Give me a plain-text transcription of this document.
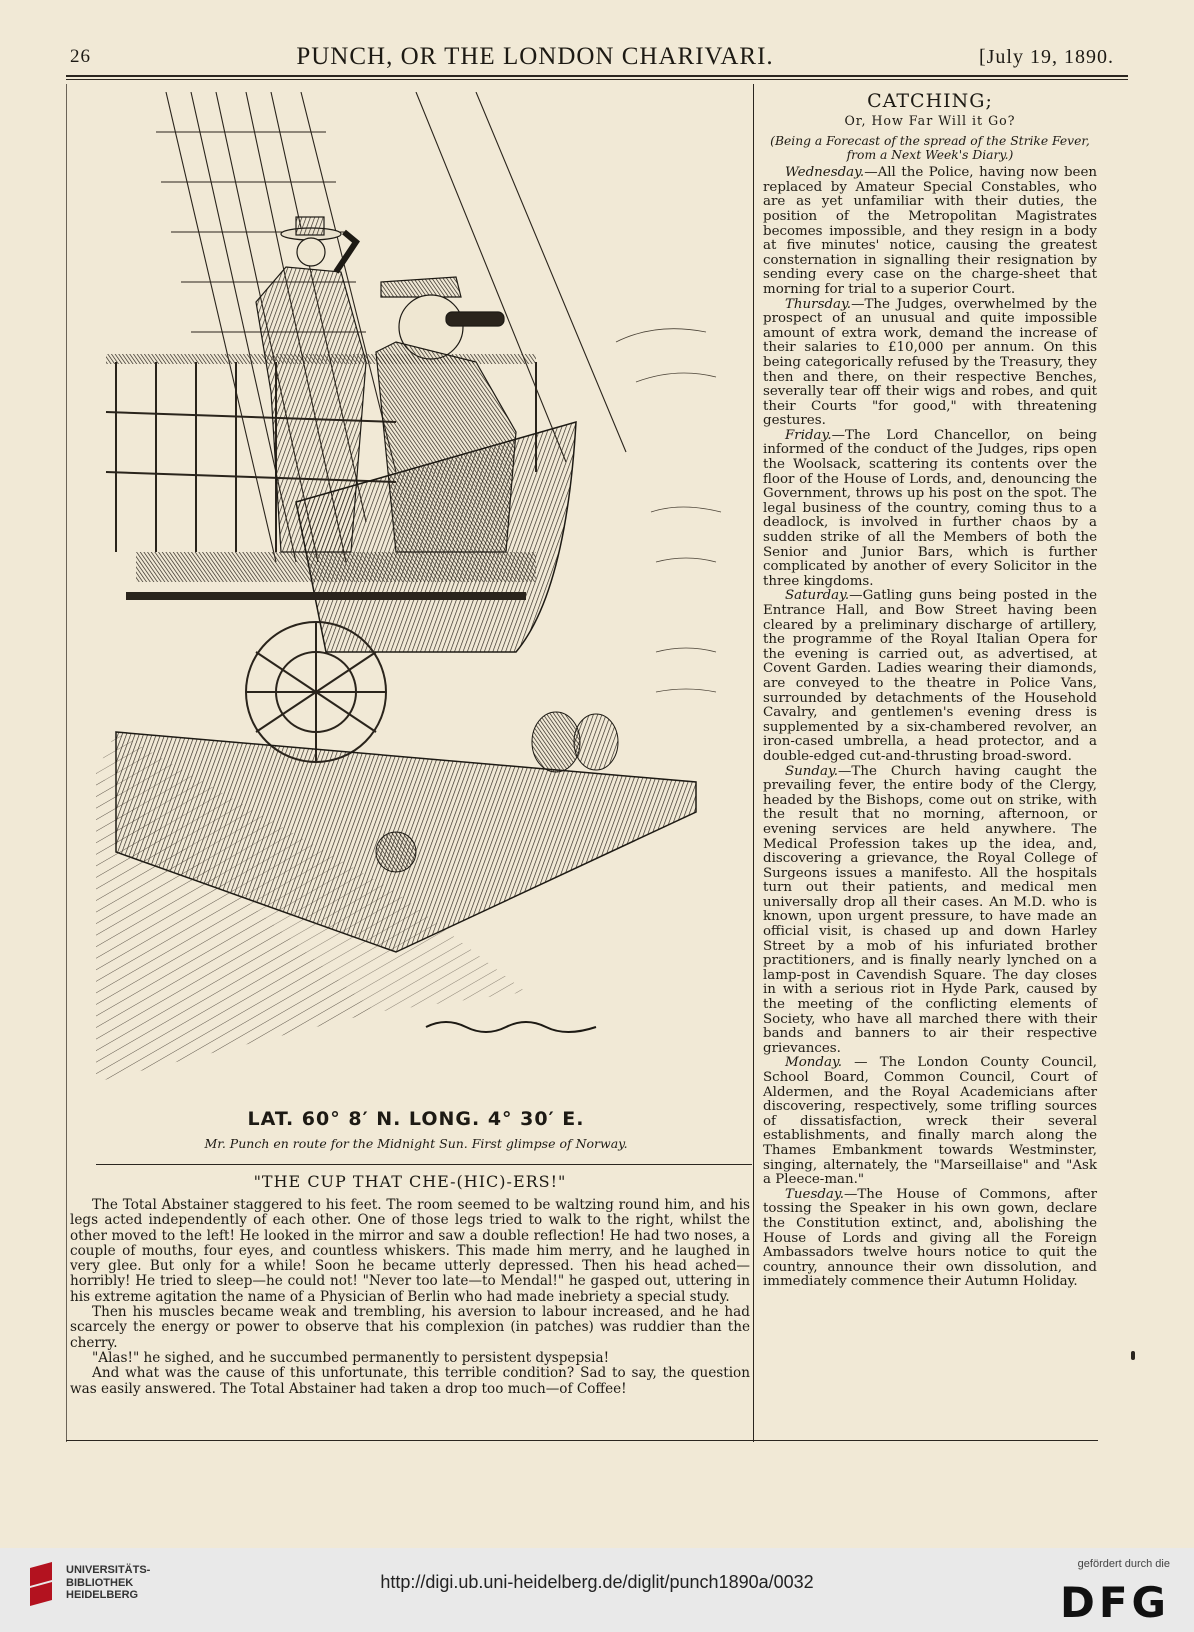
26	PUNCH, OR THE LONDON CHARIVARI.	[July 19, 1890.
LAT. 60° 8′ N. LONG. 4° 30′ E.
Mr. Punch en route for the Midnight Sun. First glimpse of Norway.
"THE CUP THAT CHE-(HIC)-ERS!"

The Total Abstainer staggered to his feet. The room seemed to be waltzing round him, and his legs acted independently of each other. One of those legs tried to walk to the right, whilst the other moved to the left! He looked in the mirror and saw a double reflection! He had two noses, a couple of mouths, four eyes, and countless whiskers. This made him merry, and he laughed in very glee. But only for a while! Soon he became utterly depressed. Then his head ached—horribly! He tried to sleep—he could not! "Never too late—to Mendal!" he gasped out, uttering in his extreme agitation the name of a Physician of Berlin who had made inebriety a special study.

Then his muscles became weak and trembling, his aversion to labour increased, and he had scarcely the energy or power to observe that his complexion (in patches) was ruddier than the cherry.

"Alas!" he sighed, and he succumbed permanently to persistent dyspepsia!

And what was the cause of this unfortunate, this terrible condition? Sad to say, the question was easily answered. The Total Abstainer had taken a drop too much—of Coffee!

CATCHING;
Or, How Far Will it Go?
(Being a Forecast of the spread of the Strike Fever, from a Next Week's Diary.)

Wednesday.—All the Police, having now been replaced by Amateur Special Constables, who are as yet unfamiliar with their duties, the position of the Metropolitan Magistrates becomes impossible, and they resign in a body at five minutes' notice, causing the greatest consternation in signalling their resignation by sending every case on the charge-sheet that morning for trial to a superior Court.

Thursday.—The Judges, overwhelmed by the prospect of an unusual and quite impossible amount of extra work, demand the increase of their salaries to £10,000 per annum. On this being categorically refused by the Treasury, they then and there, on their respective Benches, severally tear off their wigs and robes, and quit their Courts "for good," with threatening gestures.

Friday.—The Lord Chancellor, on being informed of the conduct of the Judges, rips open the Woolsack, scattering its contents over the floor of the House of Lords, and, denouncing the Government, throws up his post on the spot. The legal business of the country, coming thus to a deadlock, is involved in further chaos by a sudden strike of all the Members of both the Senior and Junior Bars, which is further complicated by another of every Solicitor in the three kingdoms.

Saturday.—Gatling guns being posted in the Entrance Hall, and Bow Street having been cleared by a preliminary discharge of artillery, the programme of the Royal Italian Opera for the evening is carried out, as advertised, at Covent Garden. Ladies wearing their diamonds, are conveyed to the theatre in Police Vans, surrounded by detachments of the Household Cavalry, and gentlemen's evening dress is supplemented by a six-chambered revolver, an iron-cased umbrella, a head protector, and a double-edged cut-and-thrusting broad-sword.

Sunday.—The Church having caught the prevailing fever, the entire body of the Clergy, headed by the Bishops, come out on strike, with the result that no morning, afternoon, or evening services are held anywhere. The Medical Profession takes up the idea, and, discovering a grievance, the Royal College of Surgeons issues a manifesto. All the hospitals turn out their patients, and medical men universally drop all their cases. An M.D. who is known, upon urgent pressure, to have made an official visit, is chased up and down Harley Street by a mob of his infuriated brother practitioners, and is finally nearly lynched on a lamp-post in Cavendish Square. The day closes in with a serious riot in Hyde Park, caused by the meeting of the conflicting elements of Society, who have all marched there with their bands and banners to air their respective grievances.

Monday. — The London County Council, School Board, Common Council, Court of Aldermen, and the Royal Academicians after discovering, respectively, some trifling sources of dissatisfaction, wreck their several establishments, and finally march along the Thames Embankment towards Westminster, singing, alternately, the "Marseillaise" and "Ask a Pleece-man."

Tuesday.—The House of Commons, after tossing the Speaker in his own gown, declare the Constitution extinct, and, abolishing the House of Lords and giving all the Foreign Ambassadors twelve hours notice to quit the country, announce their own dissolution, and immediately commence their Autumn Holiday.

UNIVERSITÄTS-
BIBLIOTHEK
HEIDELBERG
http://digi.ub.uni-heidelberg.de/diglit/punch1890a/0032
gefördert durch die
DFG
